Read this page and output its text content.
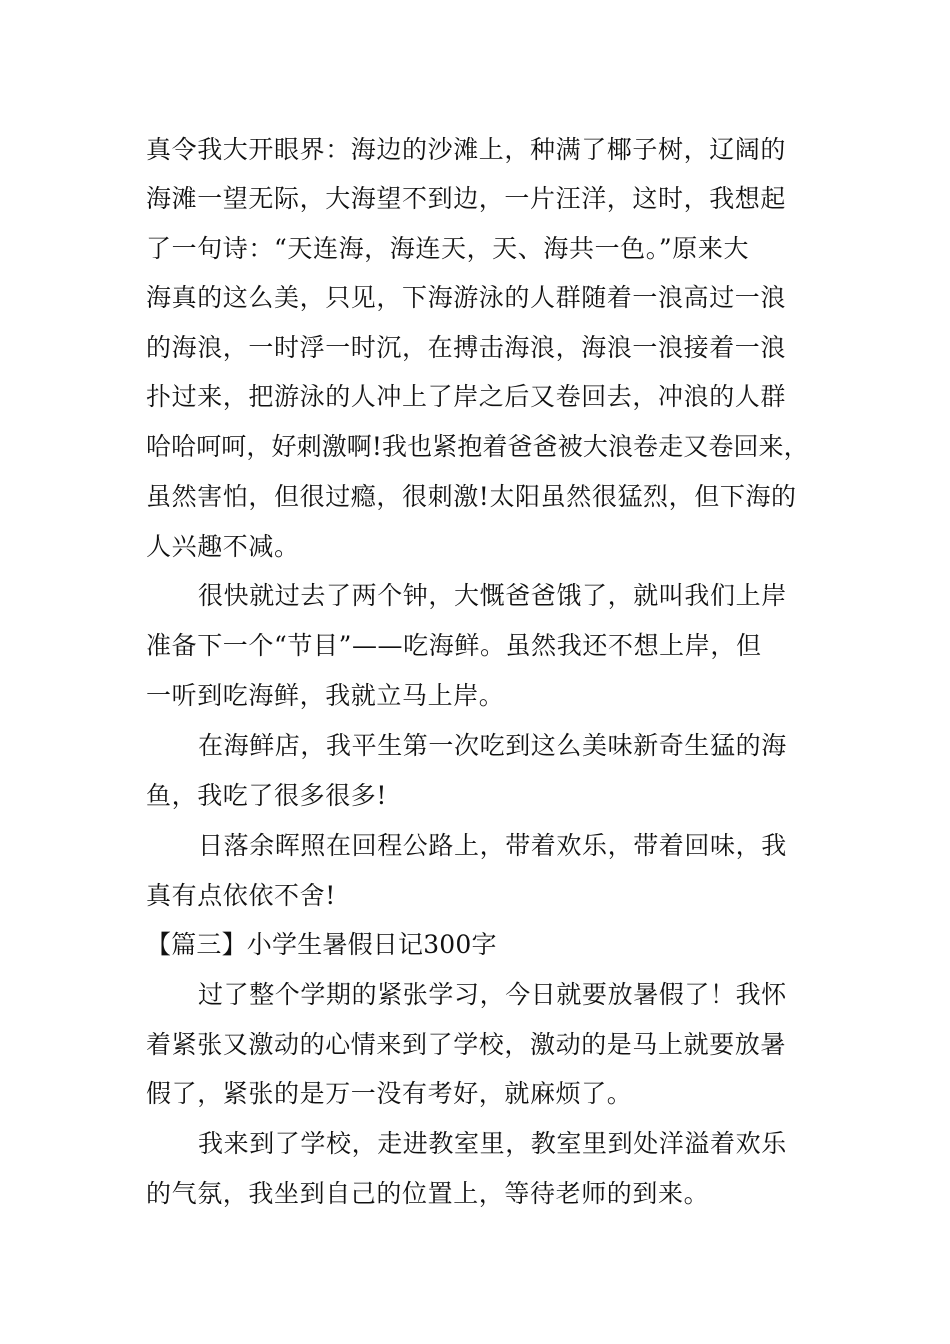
真令我大开眼界：海边的沙滩上，种满了椰子树，辽阔的
海滩一望无际，大海望不到边，一片汪洋，这时，我想起
了一句诗：“天连海，海连天，天、海共一色。”原来大
海真的这么美，只见，下海游泳的人群随着一浪高过一浪
的海浪，一时浮一时沉，在搏击海浪，海浪一浪接着一浪
扑过来，把游泳的人冲上了岸之后又卷回去，冲浪的人群
哈哈呵呵，好刺激啊!我也紧抱着爸爸被大浪卷走又卷回来，
虽然害怕，但很过瘾，很刺激!太阳虽然很猛烈，但下海的
人兴趣不减。
很快就过去了两个钟，大慨爸爸饿了，就叫我们上岸
准备下一个“节目”——吃海鲜。虽然我还不想上岸，但
一听到吃海鲜，我就立马上岸。
在海鲜店，我平生第一次吃到这么美味新奇生猛的海
鱼，我吃了很多很多!
日落余晖照在回程公路上，带着欢乐，带着回味，我
真有点依依不舍!
【篇三】小学生暑假日记300字
过了整个学期的紧张学习，今日就要放暑假了！我怀
着紧张又激动的心情来到了学校，激动的是马上就要放暑
假了，紧张的是万一没有考好，就麻烦了。
我来到了学校，走进教室里，教室里到处洋溢着欢乐
的气氛，我坐到自己的位置上，等待老师的到来。
